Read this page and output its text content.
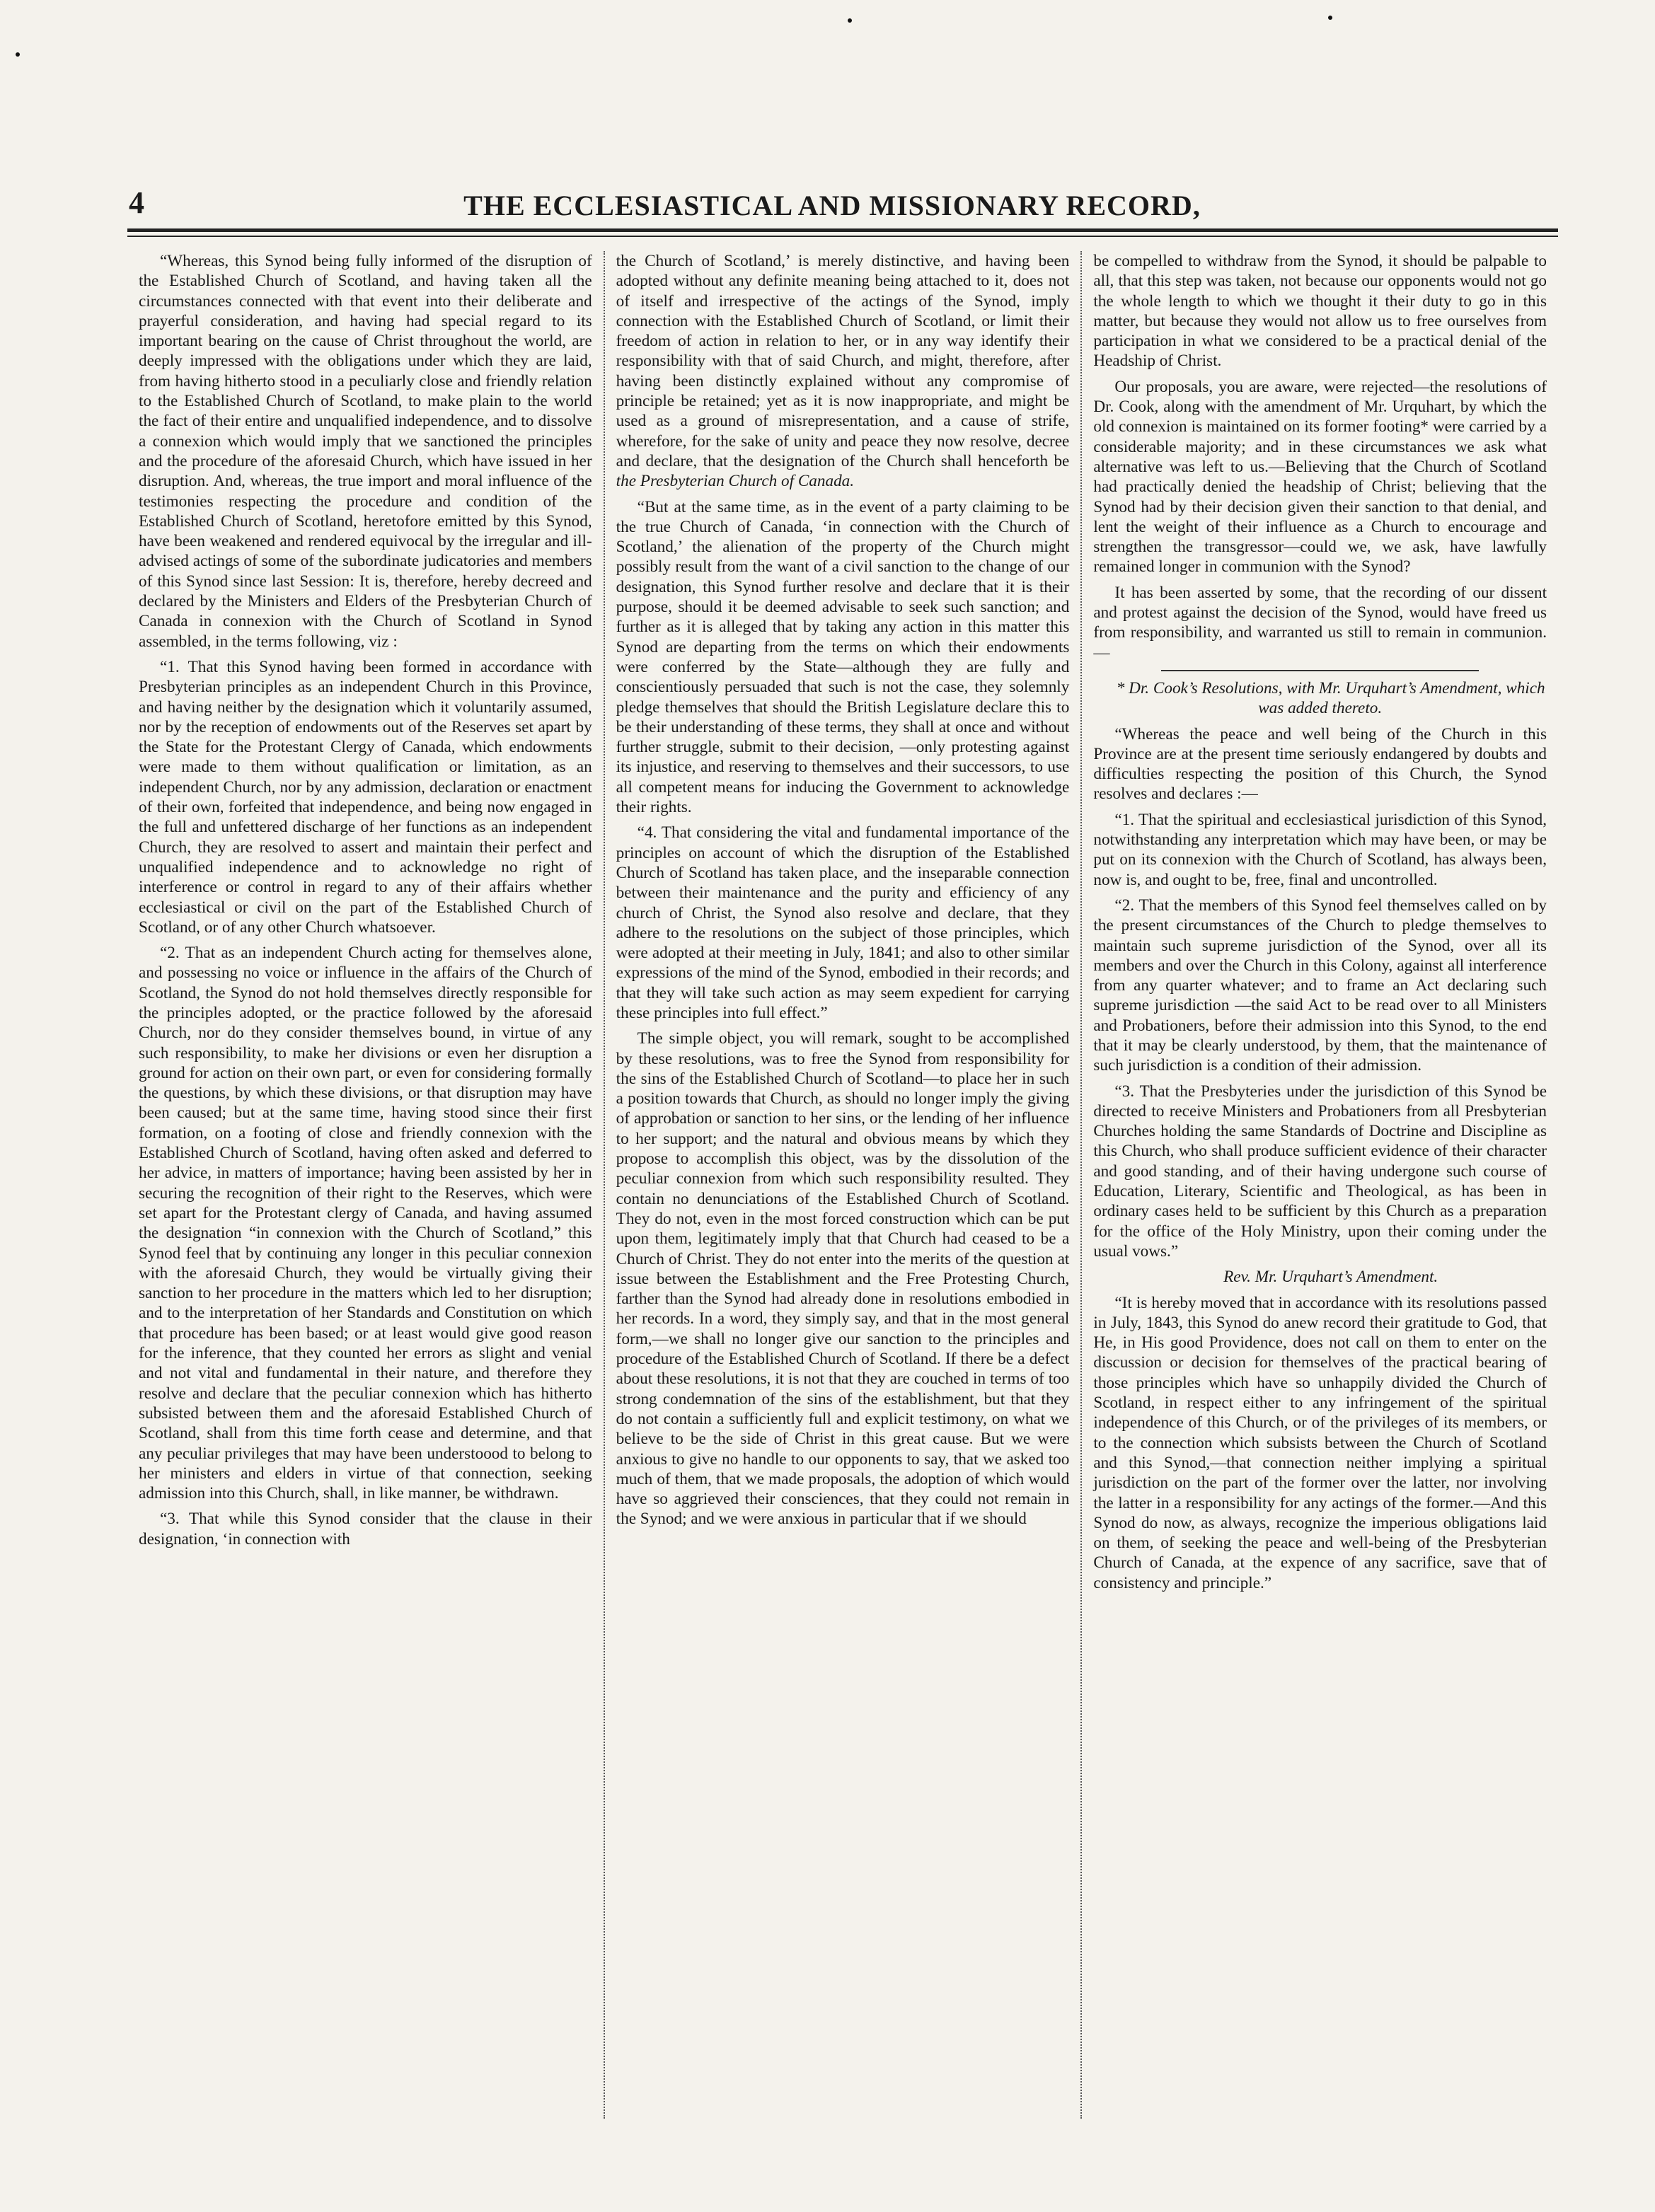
4	THE ECCLESIASTICAL AND MISSIONARY RECORD,

“Whereas, this Synod being fully informed of the disruption of the Established Church of Scotland, and having taken all the circumstances connected with that event into their deliberate and prayerful consideration, and having had special regard to its important bearing on the cause of Christ throughout the world, are deeply impressed with the obligations under which they are laid, from having hitherto stood in a peculiarly close and friendly relation to the Established Church of Scotland, to make plain to the world the fact of their entire and unqualified independence, and to dissolve a connexion which would imply that we sanctioned the principles and the procedure of the aforesaid Church, which have issued in her disruption. And, whereas, the true import and moral influence of the testimonies respecting the procedure and condition of the Established Church of Scotland, heretofore emitted by this Synod, have been weakened and rendered equivocal by the irregular and ill-advised actings of some of the subordinate judicatories and members of this Synod since last Session: It is, therefore, hereby decreed and declared by the Ministers and Elders of the Presbyterian Church of Canada in connexion with the Church of Scotland in Synod assembled, in the terms following, viz :

“1. That this Synod having been formed in accordance with Presbyterian principles as an independent Church in this Province, and having neither by the designation which it voluntarily assumed, nor by the reception of endowments out of the Reserves set apart by the State for the Protestant Clergy of Canada, which endowments were made to them without qualification or limitation, as an independent Church, nor by any admission, declaration or enactment of their own, forfeited that independence, and being now engaged in the full and unfettered discharge of her functions as an independent Church, they are resolved to assert and maintain their perfect and unqualified independence and to acknowledge no right of interference or control in regard to any of their affairs whether ecclesiastical or civil on the part of the Established Church of Scotland, or of any other Church whatsoever.

“2. That as an independent Church acting for themselves alone, and possessing no voice or influence in the affairs of the Church of Scotland, the Synod do not hold themselves directly responsible for the principles adopted, or the practice followed by the aforesaid Church, nor do they consider themselves bound, in virtue of any such responsibility, to make her divisions or even her disruption a ground for action on their own part, or even for considering formally the questions, by which these divisions, or that disruption may have been caused; but at the same time, having stood since their first formation, on a footing of close and friendly connexion with the Established Church of Scotland, having often asked and deferred to her advice, in matters of importance; having been assisted by her in securing the recognition of their right to the Reserves, which were set apart for the Protestant clergy of Canada, and having assumed the designation “in connexion with the Church of Scotland,” this Synod feel that by continuing any longer in this peculiar connexion with the aforesaid Church, they would be virtually giving their sanction to her procedure in the matters which led to her disruption; and to the interpretation of her Standards and Constitution on which that procedure has been based; or at least would give good reason for the inference, that they counted her errors as slight and venial and not vital and fundamental in their nature, and therefore they resolve and declare that the peculiar connexion which has hitherto subsisted between them and the aforesaid Established Church of Scotland, shall from this time forth cease and determine, and that any peculiar privileges that may have been understoood to belong to her ministers and elders in virtue of that connection, seeking admission into this Church, shall, in like manner, be withdrawn.

“3. That while this Synod consider that the clause in their designation, ‘in connection with

the Church of Scotland,’ is merely distinctive, and having been adopted without any definite meaning being attached to it, does not of itself and irrespective of the actings of the Synod, imply connection with the Established Church of Scotland, or limit their freedom of action in relation to her, or in any way identify their responsibility with that of said Church, and might, therefore, after having been distinctly explained without any compromise of principle be retained; yet as it is now inappropriate, and might be used as a ground of misrepresentation, and a cause of strife, wherefore, for the sake of unity and peace they now resolve, decree and declare, that the designation of the Church shall henceforth be the Presbyterian Church of Canada.

“But at the same time, as in the event of a party claiming to be the true Church of Canada, ‘in connection with the Church of Scotland,’ the alienation of the property of the Church might possibly result from the want of a civil sanction to the change of our designation, this Synod further resolve and declare that it is their purpose, should it be deemed advisable to seek such sanction; and further as it is alleged that by taking any action in this matter this Synod are departing from the terms on which their endowments were conferred by the State—although they are fully and conscientiously persuaded that such is not the case, they solemnly pledge themselves that should the British Legislature declare this to be their understanding of these terms, they shall at once and without further struggle, submit to their decision, —only protesting against its injustice, and reserving to themselves and their successors, to use all competent means for inducing the Government to acknowledge their rights.

“4. That considering the vital and fundamental importance of the principles on account of which the disruption of the Established Church of Scotland has taken place, and the inseparable connection between their maintenance and the purity and efficiency of any church of Christ, the Synod also resolve and declare, that they adhere to the resolutions on the subject of those principles, which were adopted at their meeting in July, 1841; and also to other similar expressions of the mind of the Synod, embodied in their records; and that they will take such action as may seem expedient for carrying these principles into full effect.”

The simple object, you will remark, sought to be accomplished by these resolutions, was to free the Synod from responsibility for the sins of the Established Church of Scotland—to place her in such a position towards that Church, as should no longer imply the giving of approbation or sanction to her sins, or the lending of her influence to her support; and the natural and obvious means by which they propose to accomplish this object, was by the dissolution of the peculiar connexion from which such responsibility resulted. They contain no denunciations of the Established Church of Scotland. They do not, even in the most forced construction which can be put upon them, legitimately imply that that Church had ceased to be a Church of Christ. They do not enter into the merits of the question at issue between the Establishment and the Free Protesting Church, farther than the Synod had already done in resolutions embodied in her records. In a word, they simply say, and that in the most general form,—we shall no longer give our sanction to the principles and procedure of the Established Church of Scotland. If there be a defect about these resolutions, it is not that they are couched in terms of too strong condemnation of the sins of the establishment, but that they do not contain a sufficiently full and explicit testimony, on what we believe to be the side of Christ in this great cause. But we were anxious to give no handle to our opponents to say, that we asked too much of them, that we made proposals, the adoption of which would have so aggrieved their consciences, that they could not remain in the Synod; and we were anxious in particular that if we should

be compelled to withdraw from the Synod, it should be palpable to all, that this step was taken, not because our opponents would not go the whole length to which we thought it their duty to go in this matter, but because they would not allow us to free ourselves from participation in what we considered to be a practical denial of the Headship of Christ.

Our proposals, you are aware, were rejected—the resolutions of Dr. Cook, along with the amendment of Mr. Urquhart, by which the old connexion is maintained on its former footing* were carried by a considerable majority; and in these circumstances we ask what alternative was left to us.—Believing that the Church of Scotland had practically denied the headship of Christ; believing that the Synod had by their decision given their sanction to that denial, and lent the weight of their influence as a Church to encourage and strengthen the transgressor—could we, we ask, have lawfully remained longer in communion with the Synod?

It has been asserted by some, that the recording of our dissent and protest against the decision of the Synod, would have freed us from responsibility, and warranted us still to remain in communion.—

* Dr. Cook’s Resolutions, with Mr. Urquhart’s Amendment, which was added thereto.

“Whereas the peace and well being of the Church in this Province are at the present time seriously endangered by doubts and difficulties respecting the position of this Church, the Synod resolves and declares :—

“1. That the spiritual and ecclesiastical jurisdiction of this Synod, notwithstanding any interpretation which may have been, or may be put on its connexion with the Church of Scotland, has always been, now is, and ought to be, free, final and uncontrolled.

“2. That the members of this Synod feel themselves called on by the present circumstances of the Church to pledge themselves to maintain such supreme jurisdiction of the Synod, over all its members and over the Church in this Colony, against all interference from any quarter whatever; and to frame an Act declaring such supreme jurisdiction —the said Act to be read over to all Ministers and Probationers, before their admission into this Synod, to the end that it may be clearly understood, by them, that the maintenance of such jurisdiction is a condition of their admission.

“3. That the Presbyteries under the jurisdiction of this Synod be directed to receive Ministers and Probationers from all Presbyterian Churches holding the same Standards of Doctrine and Discipline as this Church, who shall produce sufficient evidence of their character and good standing, and of their having undergone such course of Education, Literary, Scientific and Theological, as has been in ordinary cases held to be sufficient by this Church as a preparation for the office of the Holy Ministry, upon their coming under the usual vows.”

Rev. Mr. Urquhart’s Amendment.

“It is hereby moved that in accordance with its resolutions passed in July, 1843, this Synod do anew record their gratitude to God, that He, in His good Providence, does not call on them to enter on the discussion or decision for themselves of the practical bearing of those principles which have so unhappily divided the Church of Scotland, in respect either to any infringement of the spiritual independence of this Church, or of the privileges of its members, or to the connection which subsists between the Church of Scotland and this Synod,—that connection neither implying a spiritual jurisdiction on the part of the former over the latter, nor involving the latter in a responsibility for any actings of the former.—And this Synod do now, as always, recognize the imperious obligations laid on them, of seeking the peace and well-being of the Presbyterian Church of Canada, at the expence of any sacrifice, save that of consistency and principle.”
